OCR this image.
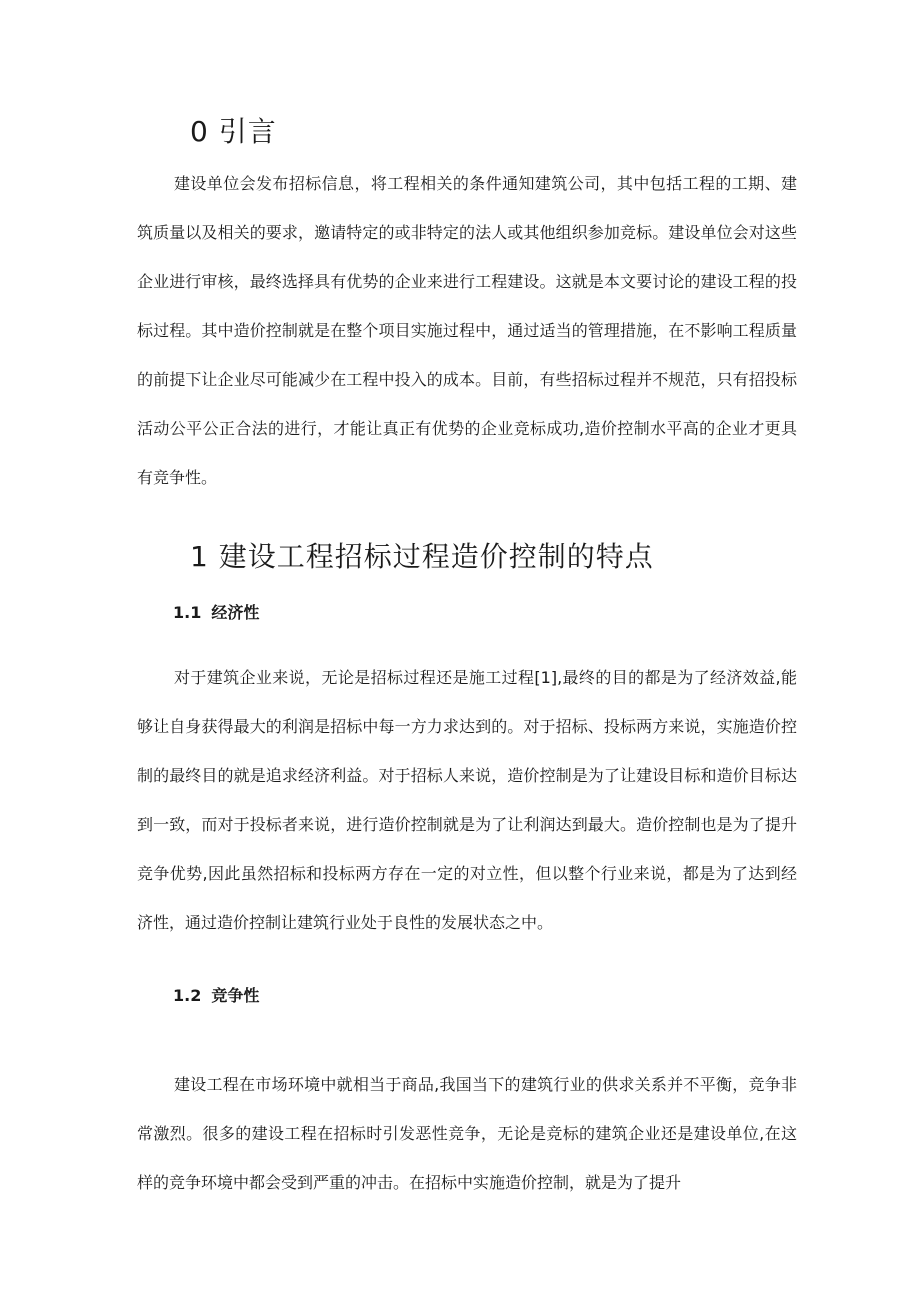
0 引言

建设单位会发布招标信息，将工程相关的条件通知建筑公司，其中包括工程的工期、建筑质量以及相关的要求，邀请特定的或非特定的法人或其他组织参加竞标。建设单位会对这些企业进行审核，最终选择具有优势的企业来进行工程建设。这就是本文要讨论的建设工程的投标过程。其中造价控制就是在整个项目实施过程中，通过适当的管理措施，在不影响工程质量的前提下让企业尽可能减少在工程中投入的成本。目前，有些招标过程并不规范，只有招投标活动公平公正合法的进行，才能让真正有优势的企业竞标成功,造价控制水平高的企业才更具有竞争性。

1 建设工程招标过程造价控制的特点
1.1 经济性

对于建筑企业来说，无论是招标过程还是施工过程[1],最终的目的都是为了经济效益,能够让自身获得最大的利润是招标中每一方力求达到的。对于招标、投标两方来说，实施造价控制的最终目的就是追求经济利益。对于招标人来说，造价控制是为了让建设目标和造价目标达到一致，而对于投标者来说，进行造价控制就是为了让利润达到最大。造价控制也是为了提升竞争优势,因此虽然招标和投标两方存在一定的对立性，但以整个行业来说，都是为了达到经济性，通过造价控制让建筑行业处于良性的发展状态之中。

1.2 竞争性

建设工程在市场环境中就相当于商品,我国当下的建筑行业的供求关系并不平衡，竞争非常激烈。很多的建设工程在招标时引发恶性竞争，无论是竞标的建筑企业还是建设单位,在这样的竞争环境中都会受到严重的冲击。在招标中实施造价控制，就是为了提升
